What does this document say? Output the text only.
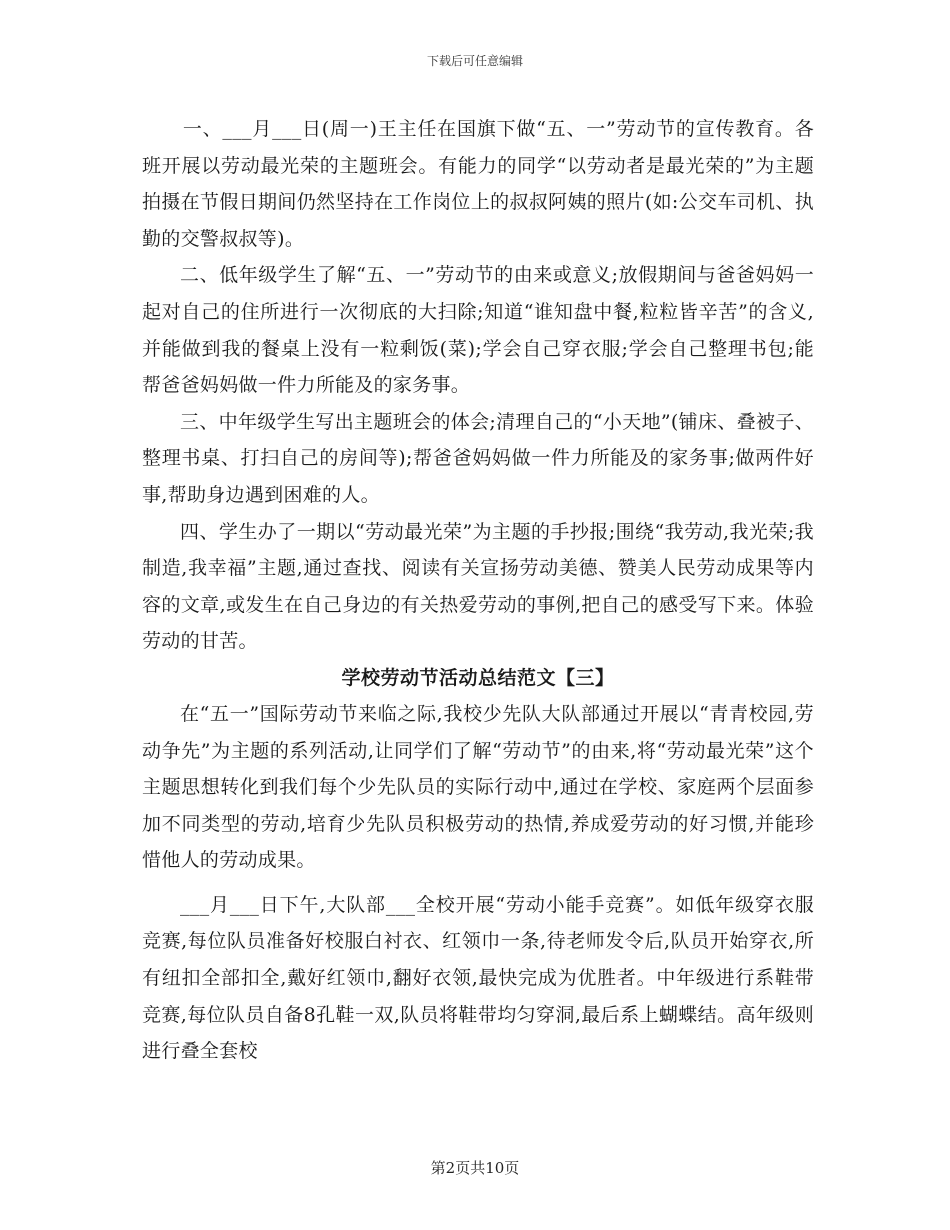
下载后可任意编辑

一、___月___日(周一)王主任在国旗下做“五、一”劳动节的宣传教育。各班开展以劳动最光荣的主题班会。有能力的同学“以劳动者是最光荣的”为主题拍摄在节假日期间仍然坚持在工作岗位上的叔叔阿姨的照片(如:公交车司机、执勤的交警叔叔等)。

二、低年级学生了解“五、一”劳动节的由来或意义;放假期间与爸爸妈妈一起对自己的住所进行一次彻底的大扫除;知道“谁知盘中餐,粒粒皆辛苦”的含义,并能做到我的餐桌上没有一粒剩饭(菜);学会自己穿衣服;学会自己整理书包;能帮爸爸妈妈做一件力所能及的家务事。

三、中年级学生写出主题班会的体会;清理自己的“小天地”(铺床、叠被子、整理书桌、打扫自己的房间等);帮爸爸妈妈做一件力所能及的家务事;做两件好事,帮助身边遇到困难的人。

四、学生办了一期以“劳动最光荣”为主题的手抄报;围绕“我劳动,我光荣;我制造,我幸福”主题,通过查找、阅读有关宣扬劳动美德、赞美人民劳动成果等内容的文章,或发生在自己身边的有关热爱劳动的事例,把自己的感受写下来。体验劳动的甘苦。

学校劳动节活动总结范文【三】

在“五一”国际劳动节来临之际,我校少先队大队部通过开展以“青青校园,劳动争先”为主题的系列活动,让同学们了解“劳动节”的由来,将“劳动最光荣”这个主题思想转化到我们每个少先队员的实际行动中,通过在学校、家庭两个层面参加不同类型的劳动,培育少先队员积极劳动的热情,养成爱劳动的好习惯,并能珍惜他人的劳动成果。

___月___日下午,大队部___全校开展“劳动小能手竞赛”。如低年级穿衣服竞赛,每位队员准备好校服白衬衣、红领巾一条,待老师发令后,队员开始穿衣,所有纽扣全部扣全,戴好红领巾,翻好衣领,最快完成为优胜者。中年级进行系鞋带竞赛,每位队员自备8孔鞋一双,队员将鞋带均匀穿洞,最后系上蝴蝶结。高年级则进行叠全套校

第2页共10页
